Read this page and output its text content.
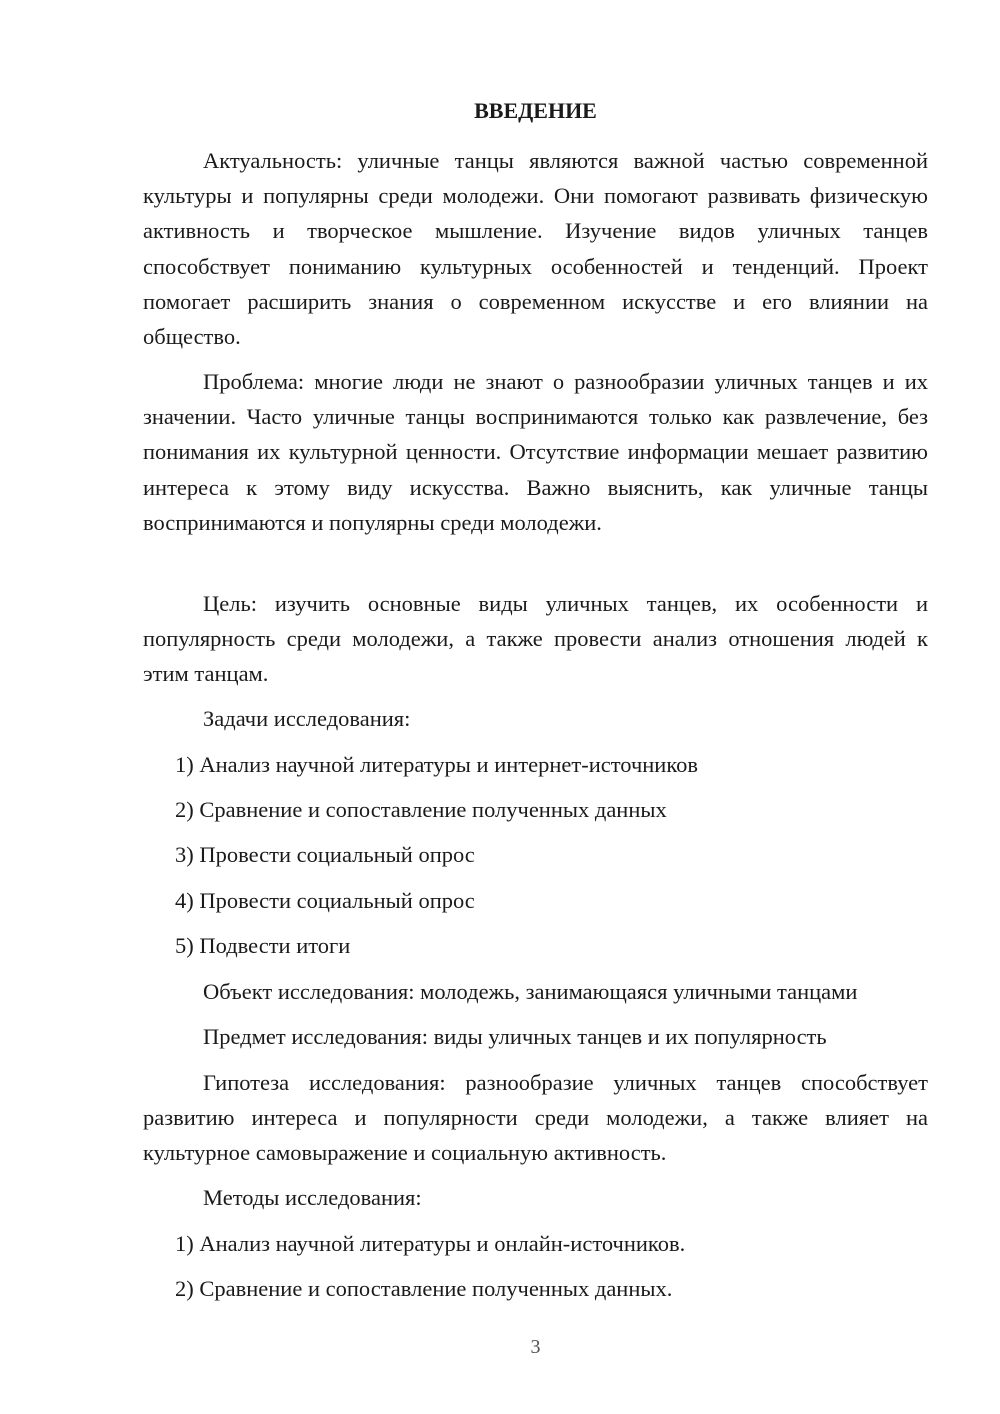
ВВЕДЕНИЕ

Актуальность: уличные танцы являются важной частью современной культуры и популярны среди молодежи. Они помогают развивать физическую активность и творческое мышление. Изучение видов уличных танцев способствует пониманию культурных особенностей и тенденций. Проект помогает расширить знания о современном искусстве и его влиянии на общество.

Проблема: многие люди не знают о разнообразии уличных танцев и их значении. Часто уличные танцы воспринимаются только как развлечение, без понимания их культурной ценности. Отсутствие информации мешает развитию интереса к этому виду искусства. Важно выяснить, как уличные танцы воспринимаются и популярны среди молодежи.

Цель: изучить основные виды уличных танцев, их особенности и популярность среди молодежи, а также провести анализ отношения людей к этим танцам.

Задачи исследования:

1) Анализ научной литературы и интернет-источников

2) Сравнение и сопоставление полученных данных

3) Провести социальный опрос

4) Провести социальный опрос

5) Подвести итоги

Объект исследования: молодежь, занимающаяся уличными танцами

Предмет исследования: виды уличных танцев и их популярность

Гипотеза исследования: разнообразие уличных танцев способствует развитию интереса и популярности среди молодежи, а также влияет на культурное самовыражение и социальную активность.

Методы исследования:

1) Анализ научной литературы и онлайн-источников.

2) Сравнение и сопоставление полученных данных.

3
